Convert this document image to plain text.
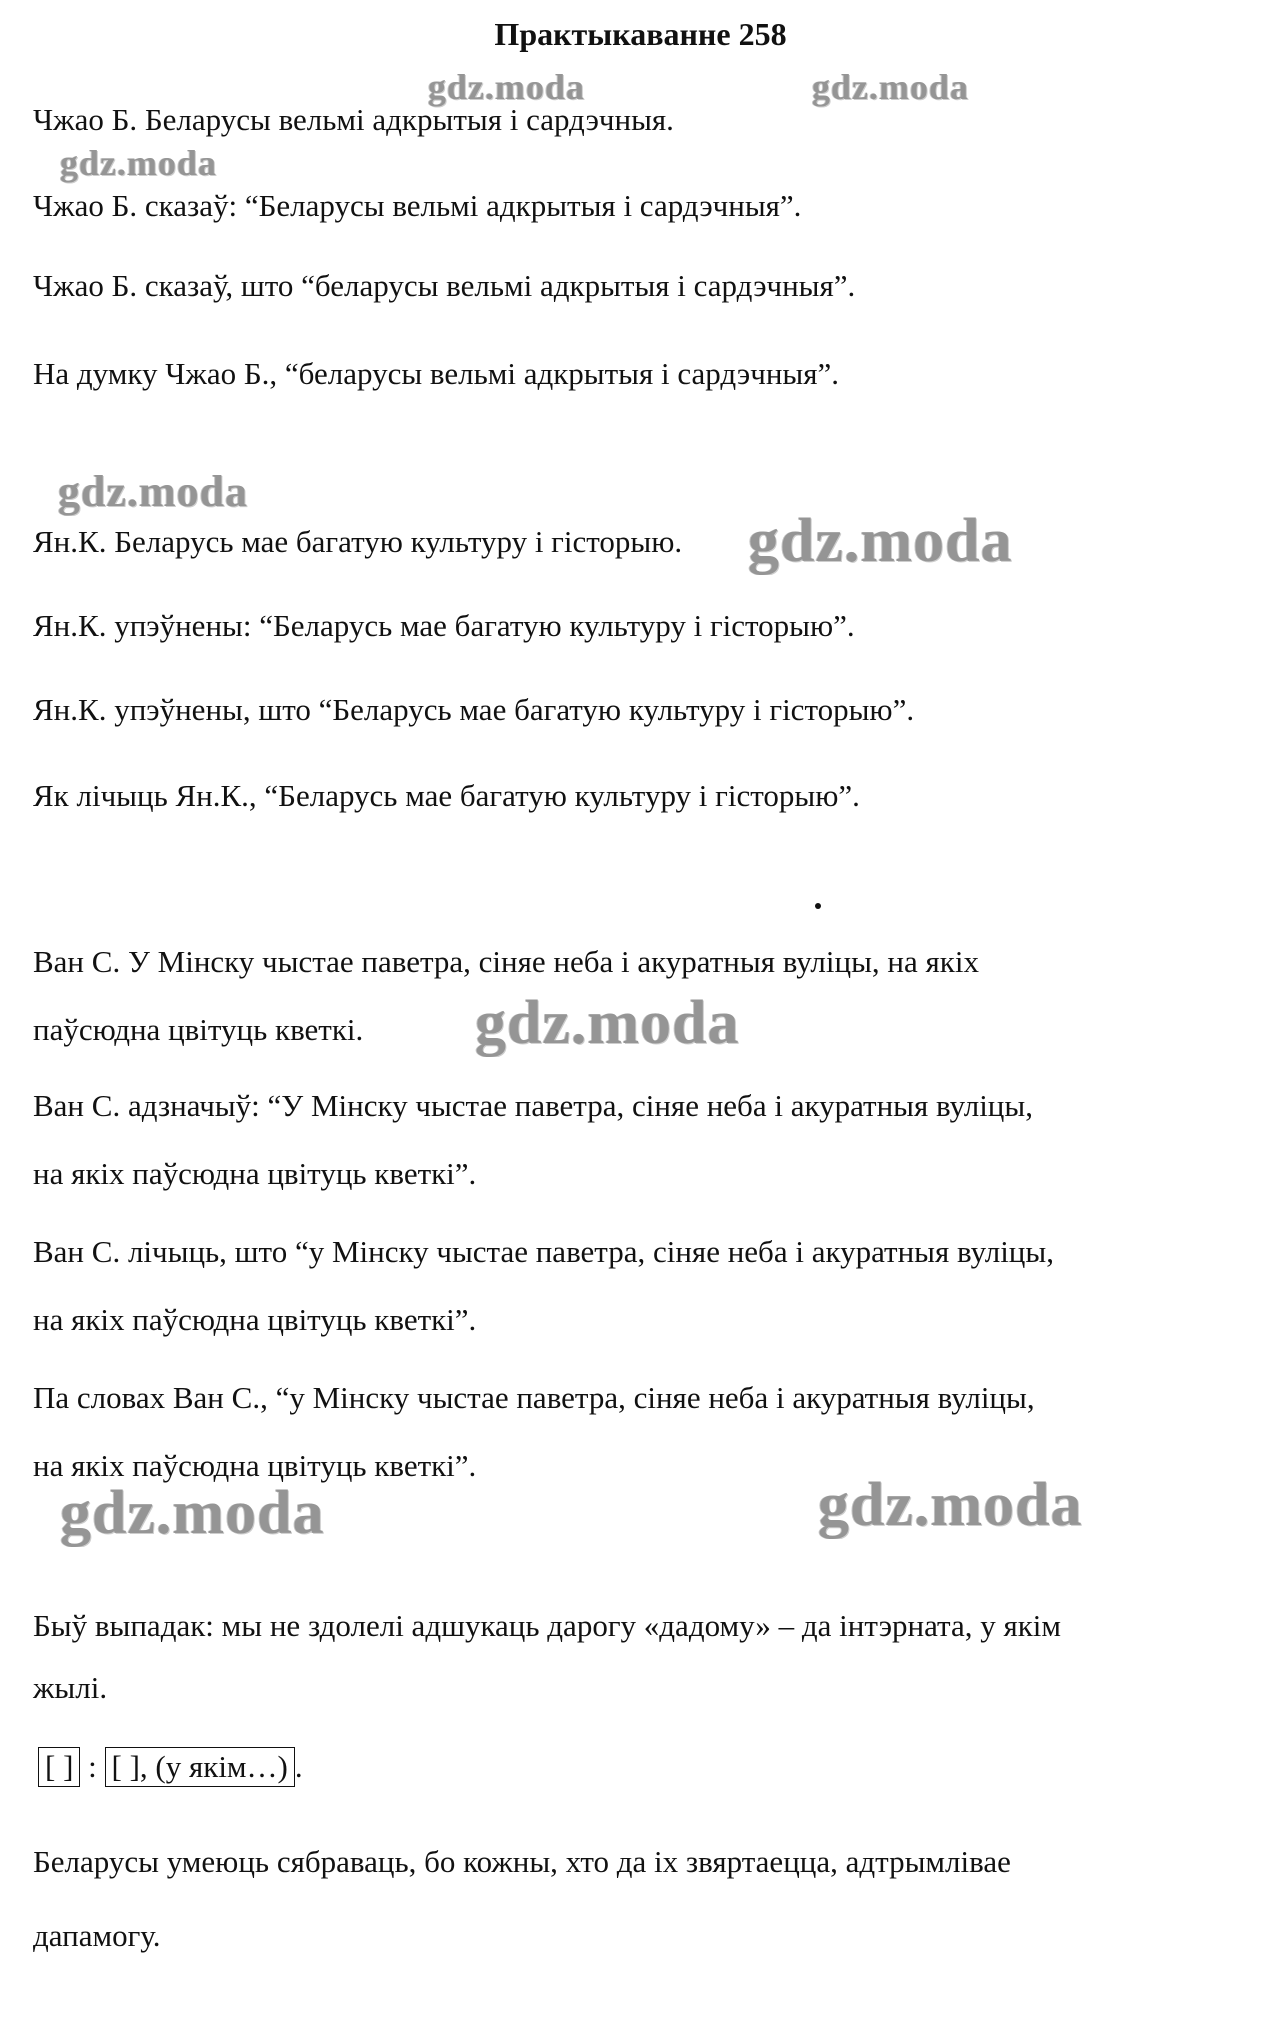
Практыкаванне 258
gdz.moda	gdz.moda
gdz.moda
gdz.moda
gdz.moda
gdz.moda
gdz.moda	gdz.moda
Чжао Б. Беларусы вельмі адкрытыя і сардэчныя.
Чжао Б. сказаў: “Беларусы вельмі адкрытыя і сардэчныя”.
Чжао Б. сказаў, што “беларусы вельмі адкрытыя і сардэчныя”.
На думку Чжао Б., “беларусы вельмі адкрытыя і сардэчныя”.
Ян.К. Беларусь мае багатую культуру і гісторыю.
Ян.К. упэўнены: “Беларусь мае багатую культуру і гісторыю”.
Ян.К. упэўнены, што “Беларусь мае багатую культуру і гісторыю”.
Як лічыць Ян.К., “Беларусь мае багатую культуру і гісторыю”.
Ван С. У Мінску чыстае паветра, сіняе неба і акуратныя вуліцы, на якіх
паўсюдна цвітуць кветкі.
Ван С. адзначыў: “У Мінску чыстае паветра, сіняе неба і акуратныя вуліцы,
на якіх паўсюдна цвітуць кветкі”.
Ван С. лічыць, што “у Мінску чыстае паветра, сіняе неба і акуратныя вуліцы,
на якіх паўсюдна цвітуць кветкі”.
Па словах Ван С., “у Мінску чыстае паветра, сіняе неба і акуратныя вуліцы,
на якіх паўсюдна цвітуць кветкі”.
Быў выпадак: мы не здолелі адшукаць дарогу «дадому» – да інтэрната, у якім
жылі.
[ ] : [ ], (у якім…) .
Беларусы умеюць сябраваць, бо кожны, хто да іх звяртаецца, адтрымлівае
дапамогу.
